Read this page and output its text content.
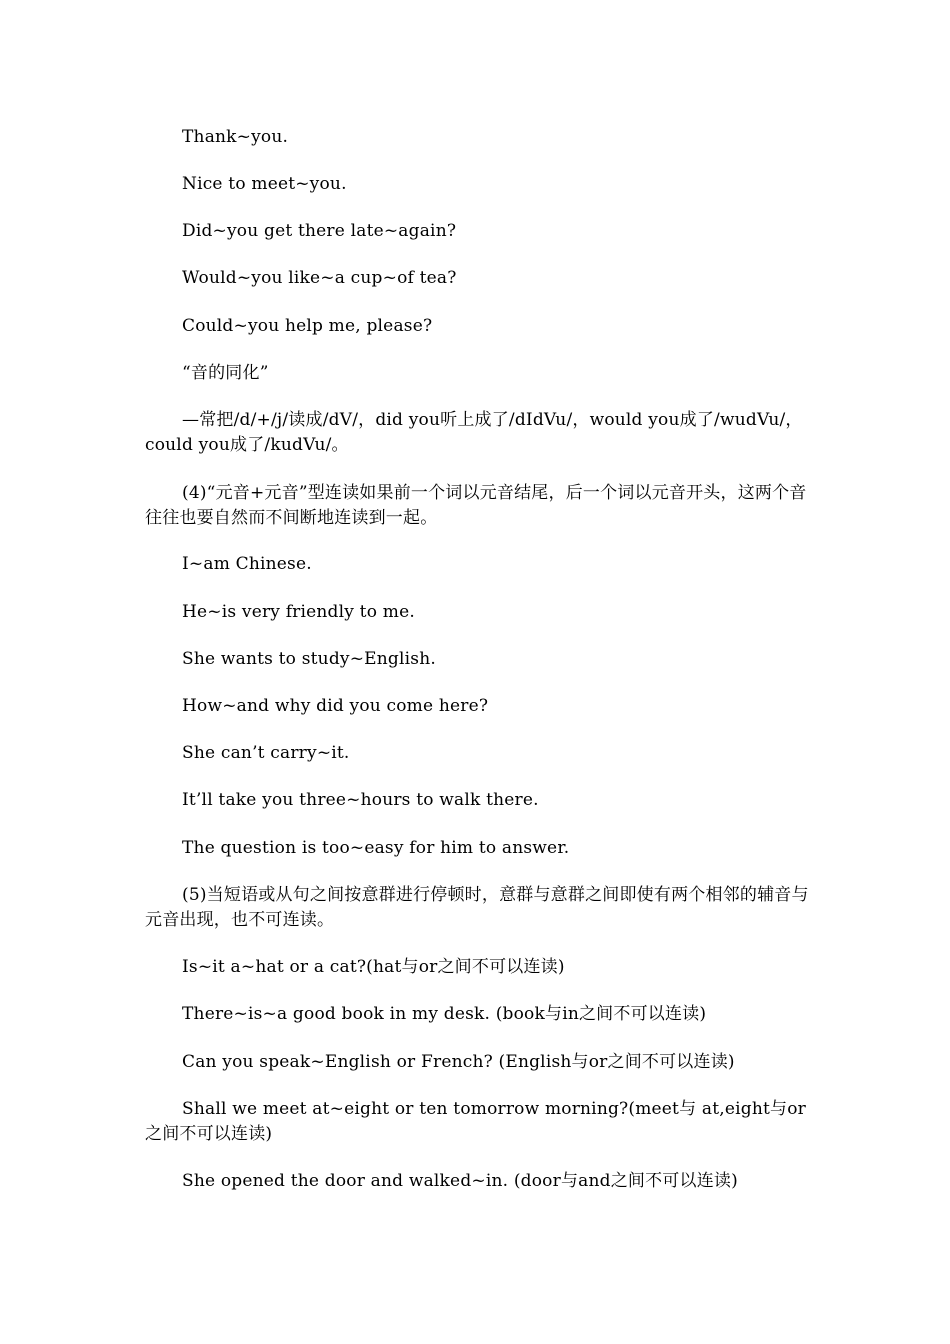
Thank~you.

Nice to meet~you.

Did~you get there late~again?

Would~you like~a cup~of tea?

Could~you help me, please?

“音的同化”

—常把/d/+/j/读成/dV/，did you听上成了/dIdVu/，would you成了/wudVu/，could you成了/kudVu/。

(4)“元音+元音”型连读如果前一个词以元音结尾，后一个词以元音开头，这两个音往往也要自然而不间断地连读到一起。

I~am Chinese.

He~is very friendly to me.

She wants to study~English.

How~and why did you come here?

She can’t carry~it.

It’ll take you three~hours to walk there.

The question is too~easy for him to answer.

(5)当短语或从句之间按意群进行停顿时，意群与意群之间即使有两个相邻的辅音与元音出现，也不可连读。

Is~it a~hat or a cat?(hat与or之间不可以连读)

There~is~a good book in my desk. (book与in之间不可以连读)

Can you speak~English or French? (English与or之间不可以连读)

Shall we meet at~eight or ten tomorrow morning?(meet与 at,eight与or之间不可以连读)

She opened the door and walked~in. (door与and之间不可以连读)
